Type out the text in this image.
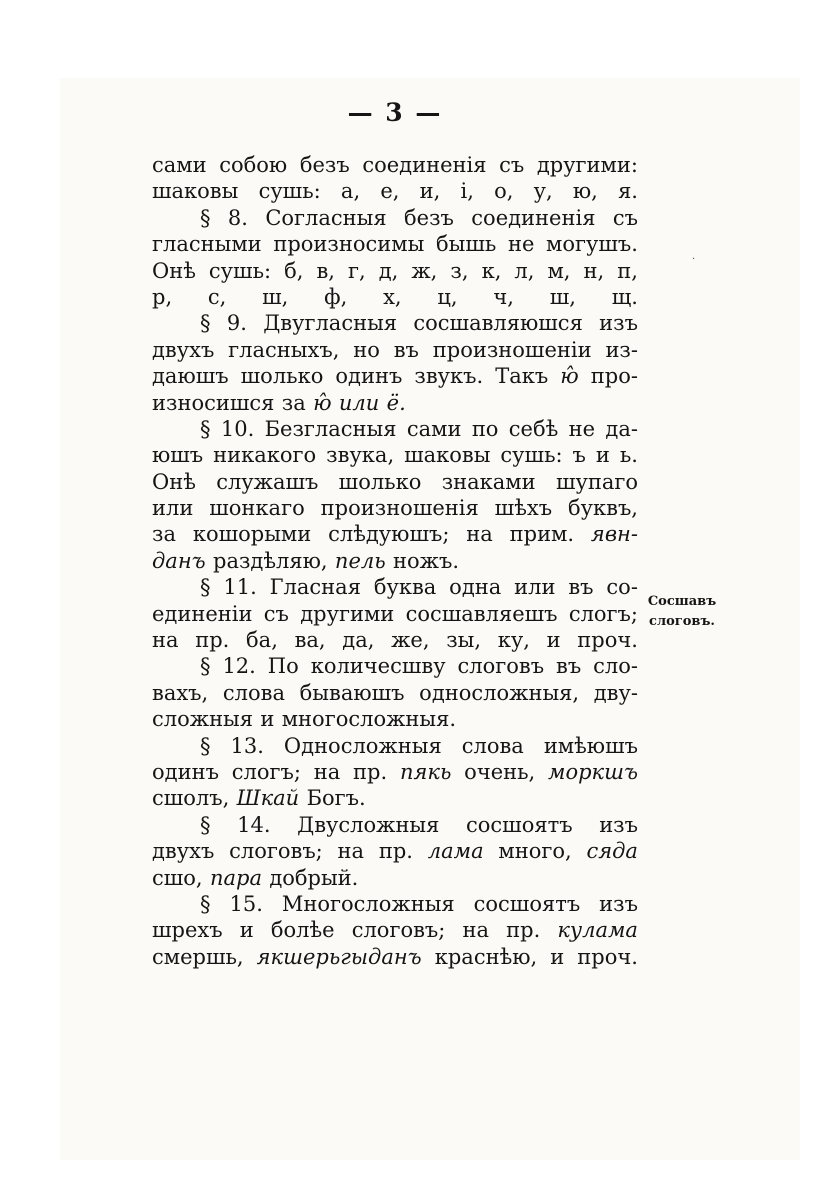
— 3 —
·
сами собою безъ соединенія съ другими:
шаковы сушь: а, е, и, і, о, у, ю, я.
§ 8. Согласныя безъ соединенія съ
гласными произносимы бышь не могушъ.
Онѣ сушь: б, в, г, д, ж, з, к, л, м, н, п,
р, с, ш, ф, х, ц, ч, ш, щ.
§ 9. Двугласныя сосшавляюшся изъ
двухъ гласныхъ, но въ произношеніи из-
даюшъ шолько одинъ звукъ. Такъ ю̂ про-
износишся за ю̂ или ё.
§ 10. Безгласныя сами по себѣ не да-
юшъ никакого звука, шаковы сушь: ъ и ь.
Онѣ служашъ шолько знаками шупаго
или шонкаго произношенія шѣхъ буквъ,
за кошорыми слѣдуюшъ; на прим. явн-
данъ раздѣляю, пель ножъ.
§ 11. Гласная буква одна или въ со-
единеніи съ другими сосшавляешъ слогъ;
на пр. ба, ва, да, же, зы, ку, и проч.
§ 12. По количесшву слоговъ въ сло-
вахъ, слова бываюшъ односложныя, дву-
сложныя и многосложныя.
§ 13. Односложныя слова имѣюшъ
одинъ слогъ; на пр. пякь очень, моркшъ
сшолъ, Шкай Богъ.
§ 14. Двусложныя сосшоятъ изъ
двухъ слоговъ; на пр. лама много, сяда
сшо, пара добрый.
§ 15. Многосложныя сосшоятъ изъ
шрехъ и болѣе слоговъ; на пр. кулама
смершь, якшерьгыданъ краснѣю, и проч.
Сосшавъ
слоговъ.
